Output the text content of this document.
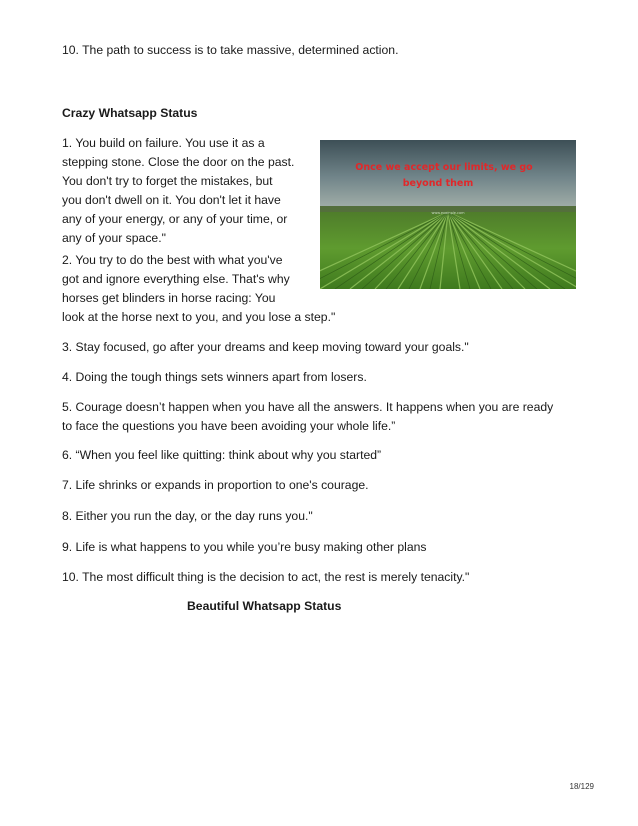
10. The path to success is to take massive, determined action.

Crazy Whatsapp Status

1. You build on failure. You use it as a

stepping stone. Close the door on the past.

You don't try to forget the mistakes, but

you don't dwell on it. You don't let it have

any of your energy, or any of your time, or

any of your space."

2. You try to do the best with what you've

got and ignore everything else. That's why

horses get blinders in horse racing: You

look at the horse next to you, and you lose a step."

3. Stay focused, go after your dreams and keep moving toward your goals."

4. Doing the tough things sets winners apart from losers.

5. Courage doesn’t happen when you have all the answers. It happens when you are ready

to face the questions you have been avoiding your whole life.”

6. “When you feel like quitting: think about why you started”

7. Life shrinks or expands in proportion to one's courage.

8. Either you run the day, or the day runs you."

9. Life is what happens to you while you’re busy making other plans

10. The most difficult thing is the decision to act, the rest is merely tenacity."

Beautiful Whatsapp Status

Once we accept our limits, we go
beyond them
www.example.com
18/129
